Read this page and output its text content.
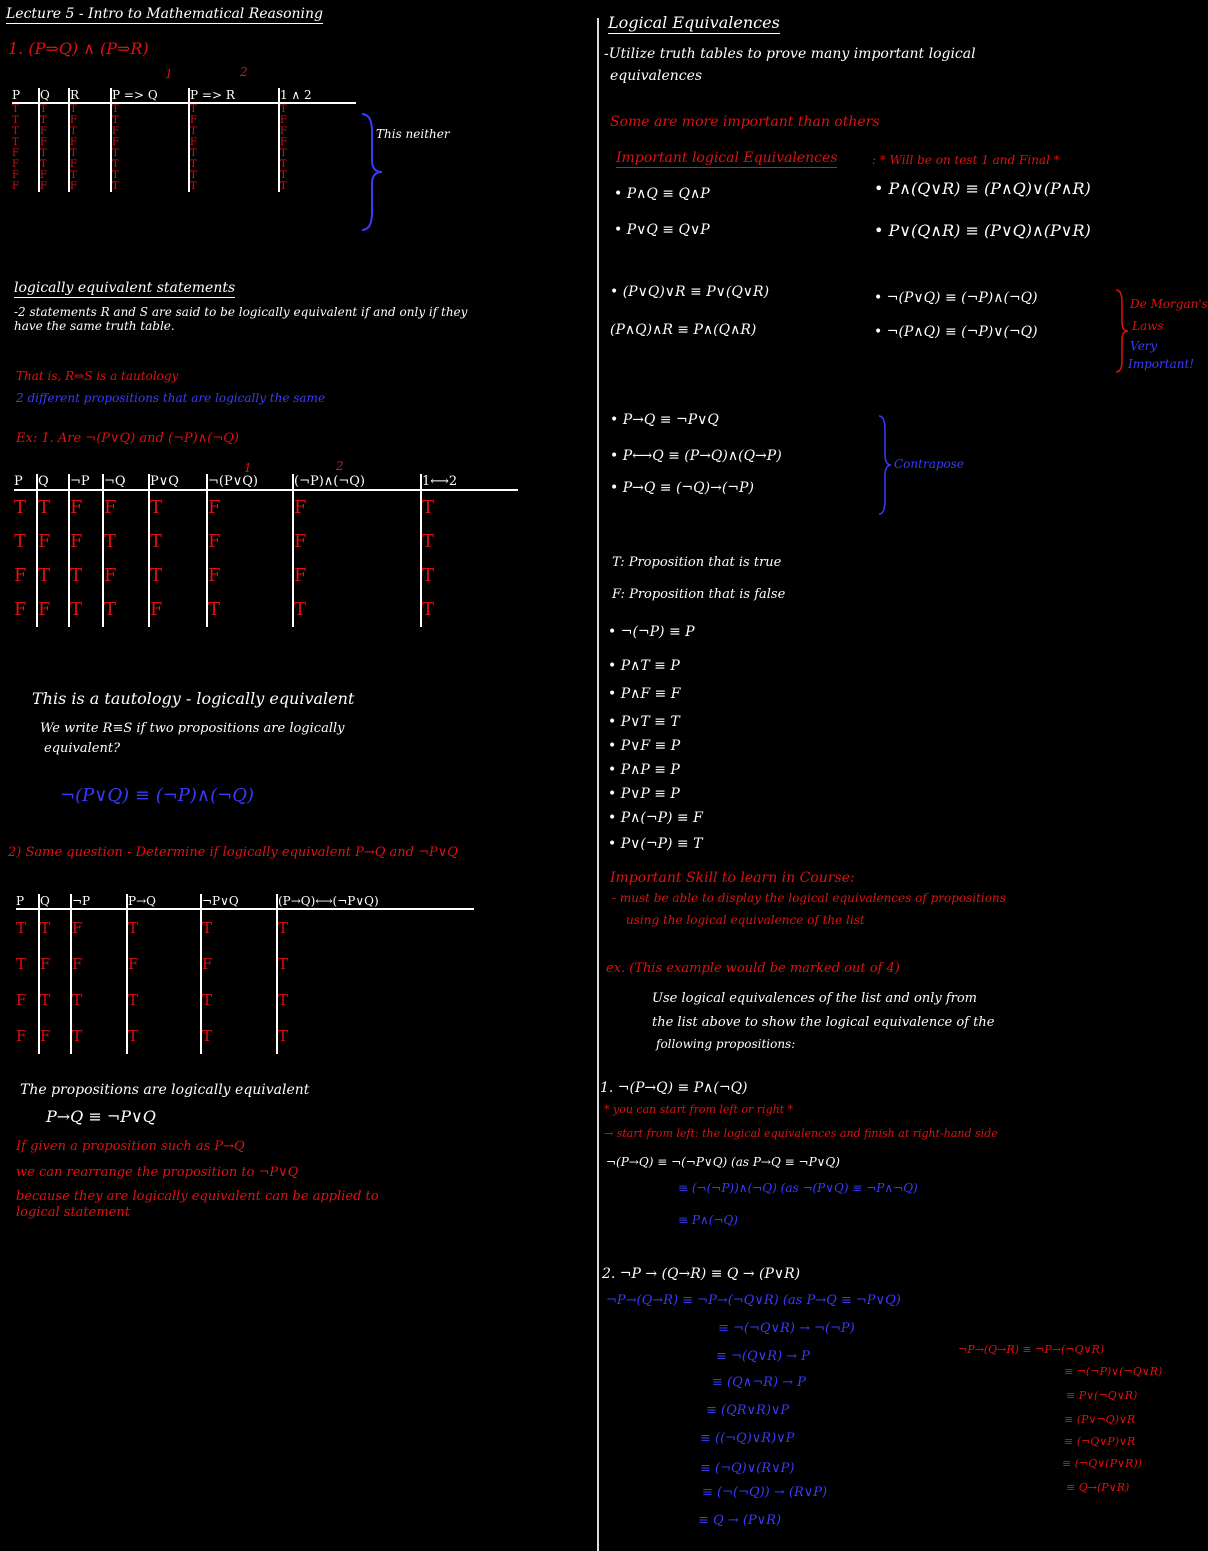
Lecture 5 - Intro to Mathematical Reasoning
1. (P⇒Q) ∧ (P⇒R)
1	2
P	Q	R	P => Q	P => R	1 ∧ 2
T	T	T	T	T	T
T	T	F	T	F	F
T	F	T	F	T	F
T	F	F	F	F	F
F	T	T	T	T	T
F	T	F	T	T	T
F	F	T	T	T	T
F	F	F	T	T	T
This neither
logically equivalent statements
-2 statements R and S are said to be logically equivalent if and only if they have the same truth table.
That is, R⇔S is a tautology
2 different propositions that are logically the same
Ex: 1. Are ¬(P∨Q) and (¬P)∧(¬Q)
1	2
P	Q	¬P	¬Q	P∨Q	¬(P∨Q)	(¬P)∧(¬Q)	1⟷2
T	T	F	F	T	F	F	T
T	F	F	T	T	F	F	T
F	T	T	F	T	F	F	T
F	F	T	T	F	T	T	T
This is a tautology - logically equivalent
We write R≡S if two propositions are logically
equivalent?
¬(P∨Q) ≡ (¬P)∧(¬Q)
2) Same question - Determine if logically equivalent P→Q and ¬P∨Q
P	Q	¬P	P→Q	¬P∨Q	(P→Q)⟷(¬P∨Q)
T	T	F	T	T	T
T	F	F	F	F	T
F	T	T	T	T	T
F	F	T	T	T	T
The propositions are logically equivalent
P→Q ≡ ¬P∨Q
If given a proposition such as P→Q
we can rearrange the proposition to ¬P∨Q
because they are logically equivalent can be applied to
logical statement
Logical Equivalences
-Utilize truth tables to prove many important logical
equivalences
Some are more important than others
Important logical Equivalences	: * Will be on test 1 and Final *
• P∧Q ≡ Q∧P
• P∨Q ≡ Q∨P
• (P∨Q)∨R ≡ P∨(Q∨R)
(P∧Q)∧R ≡ P∧(Q∧R)
• P∧(Q∨R) ≡ (P∧Q)∨(P∧R)
• P∨(Q∧R) ≡ (P∨Q)∧(P∨R)
• ¬(P∨Q) ≡ (¬P)∧(¬Q)
• ¬(P∧Q) ≡ (¬P)∨(¬Q)
De Morgan's
Laws
Very
Important!
• P→Q ≡ ¬P∨Q
• P⟷Q ≡ (P→Q)∧(Q→P)
• P→Q ≡ (¬Q)→(¬P)
Contrapose
T: Proposition that is true
F: Proposition that is false
• ¬(¬P) ≡ P
• P∧T ≡ P
• P∧F ≡ F
• P∨T ≡ T
• P∨F ≡ P
• P∧P ≡ P
• P∨P ≡ P
• P∧(¬P) ≡ F
• P∨(¬P) ≡ T
Important Skill to learn in Course:
- must be able to display the logical equivalences of propositions
using the logical equivalence of the list
ex. (This example would be marked out of 4)
Use logical equivalences of the list and only from
the list above to show the logical equivalence of the
following propositions:
1. ¬(P→Q) ≡ P∧(¬Q)
* you can start from left or right *
→ start from left: the logical equivalences and finish at right-hand side
¬(P→Q) ≡ ¬(¬P∨Q) (as P→Q ≡ ¬P∨Q)
≡ (¬(¬P))∧(¬Q) (as ¬(P∨Q) ≡ ¬P∧¬Q)
≡ P∧(¬Q)
2. ¬P → (Q→R) ≡ Q → (P∨R)
¬P→(Q→R) ≡ ¬P→(¬Q∨R) (as P→Q ≡ ¬P∨Q)
≡ ¬(¬Q∨R) → ¬(¬P)
≡ ¬(Q∨R) → P
≡ (Q∧¬R) → P
≡ (QR∨R)∨P
≡ ((¬Q)∨R)∨P
≡ (¬Q)∨(R∨P)
≡ (¬(¬Q)) → (R∨P)
≡ Q → (P∨R)
¬P→(Q→R) ≡ ¬P→(¬Q∨R)
≡ ¬(¬P)∨(¬Q∨R)
≡ P∨(¬Q∨R)
≡ (P∨¬Q)∨R
≡ (¬Q∨P)∨R
≡ (¬Q∨(P∨R))
≡ Q→(P∨R)
